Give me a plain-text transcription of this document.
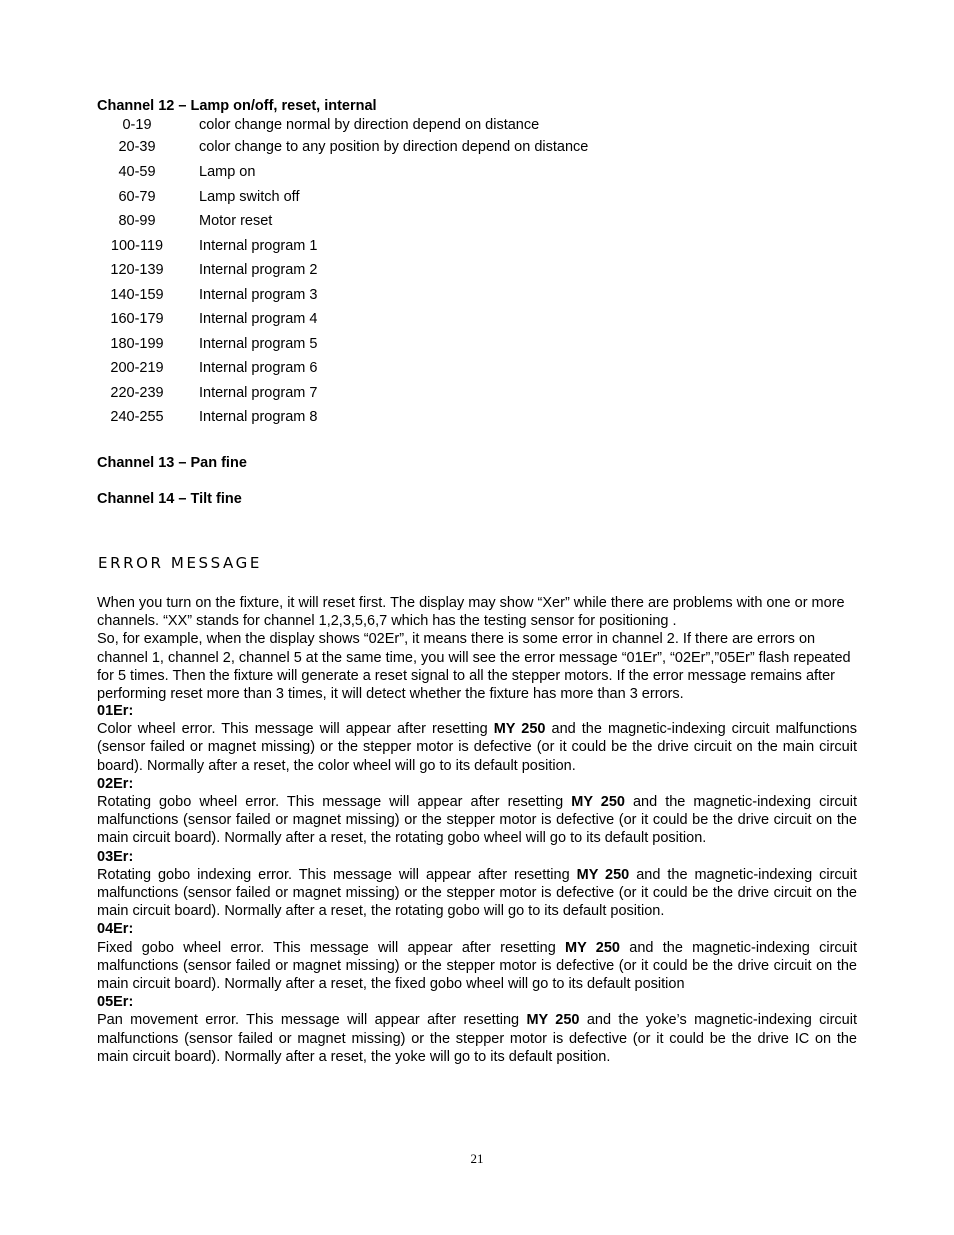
Channel 12 – Lamp on/off, reset, internal
0-19	color change normal by direction depend on distance
20-39	color change to any position by direction depend on distance
40-59	Lamp on
60-79	Lamp switch off
80-99	Motor reset
100-119	Internal program 1
120-139	Internal program 2
140-159	Internal program 3
160-179	Internal program 4
180-199	Internal program 5
200-219	Internal program 6
220-239	Internal program 7
240-255	Internal program 8
Channel 13 – Pan fine
Channel 14 – Tilt fine
ERROR MESSAGE

When you turn on the fixture, it will reset first. The display may show “Xer” while there are problems with one or more channels. “XX” stands for channel 1,2,3,5,6,7 which has the testing sensor for positioning .

So, for example, when the display shows “02Er”, it means there is some error in channel 2. If there are errors on channel 1, channel 2, channel 5 at the same time, you will see the error message “01Er”, “02Er”,”05Er” flash repeated for 5 times. Then the fixture will generate a reset signal to all the stepper motors. If the error message remains after performing reset more than 3 times, it will detect whether the fixture has more than 3 errors.

01Er:

Color wheel error. This message will appear after resetting MY 250 and the magnetic-indexing circuit malfunctions (sensor failed or magnet missing) or the stepper motor is defective (or it could be the drive circuit on the main circuit board). Normally after a reset, the color wheel will go to its default position.

02Er:

Rotating gobo wheel error. This message will appear after resetting MY 250 and the magnetic-indexing circuit malfunctions (sensor failed or magnet missing) or the stepper motor is defective (or it could be the drive circuit on the main circuit board). Normally after a reset, the rotating gobo wheel will go to its default position.

03Er:

Rotating gobo indexing error. This message will appear after resetting MY 250 and the magnetic-indexing circuit malfunctions (sensor failed or magnet missing) or the stepper motor is defective (or it could be the drive circuit on the main circuit board). Normally after a reset, the rotating gobo will go to its default position.

04Er:

Fixed gobo wheel error. This message will appear after resetting MY 250 and the magnetic-indexing circuit malfunctions (sensor failed or magnet missing) or the stepper motor is defective (or it could be the drive circuit on the main circuit board). Normally after a reset, the fixed gobo wheel will go to its default position

05Er:

Pan movement error. This message will appear after resetting MY 250 and the yoke’s magnetic-indexing circuit malfunctions (sensor failed or magnet missing) or the stepper motor is defective (or it could be the drive IC on the main circuit board). Normally after a reset, the yoke will go to its default position.

21
